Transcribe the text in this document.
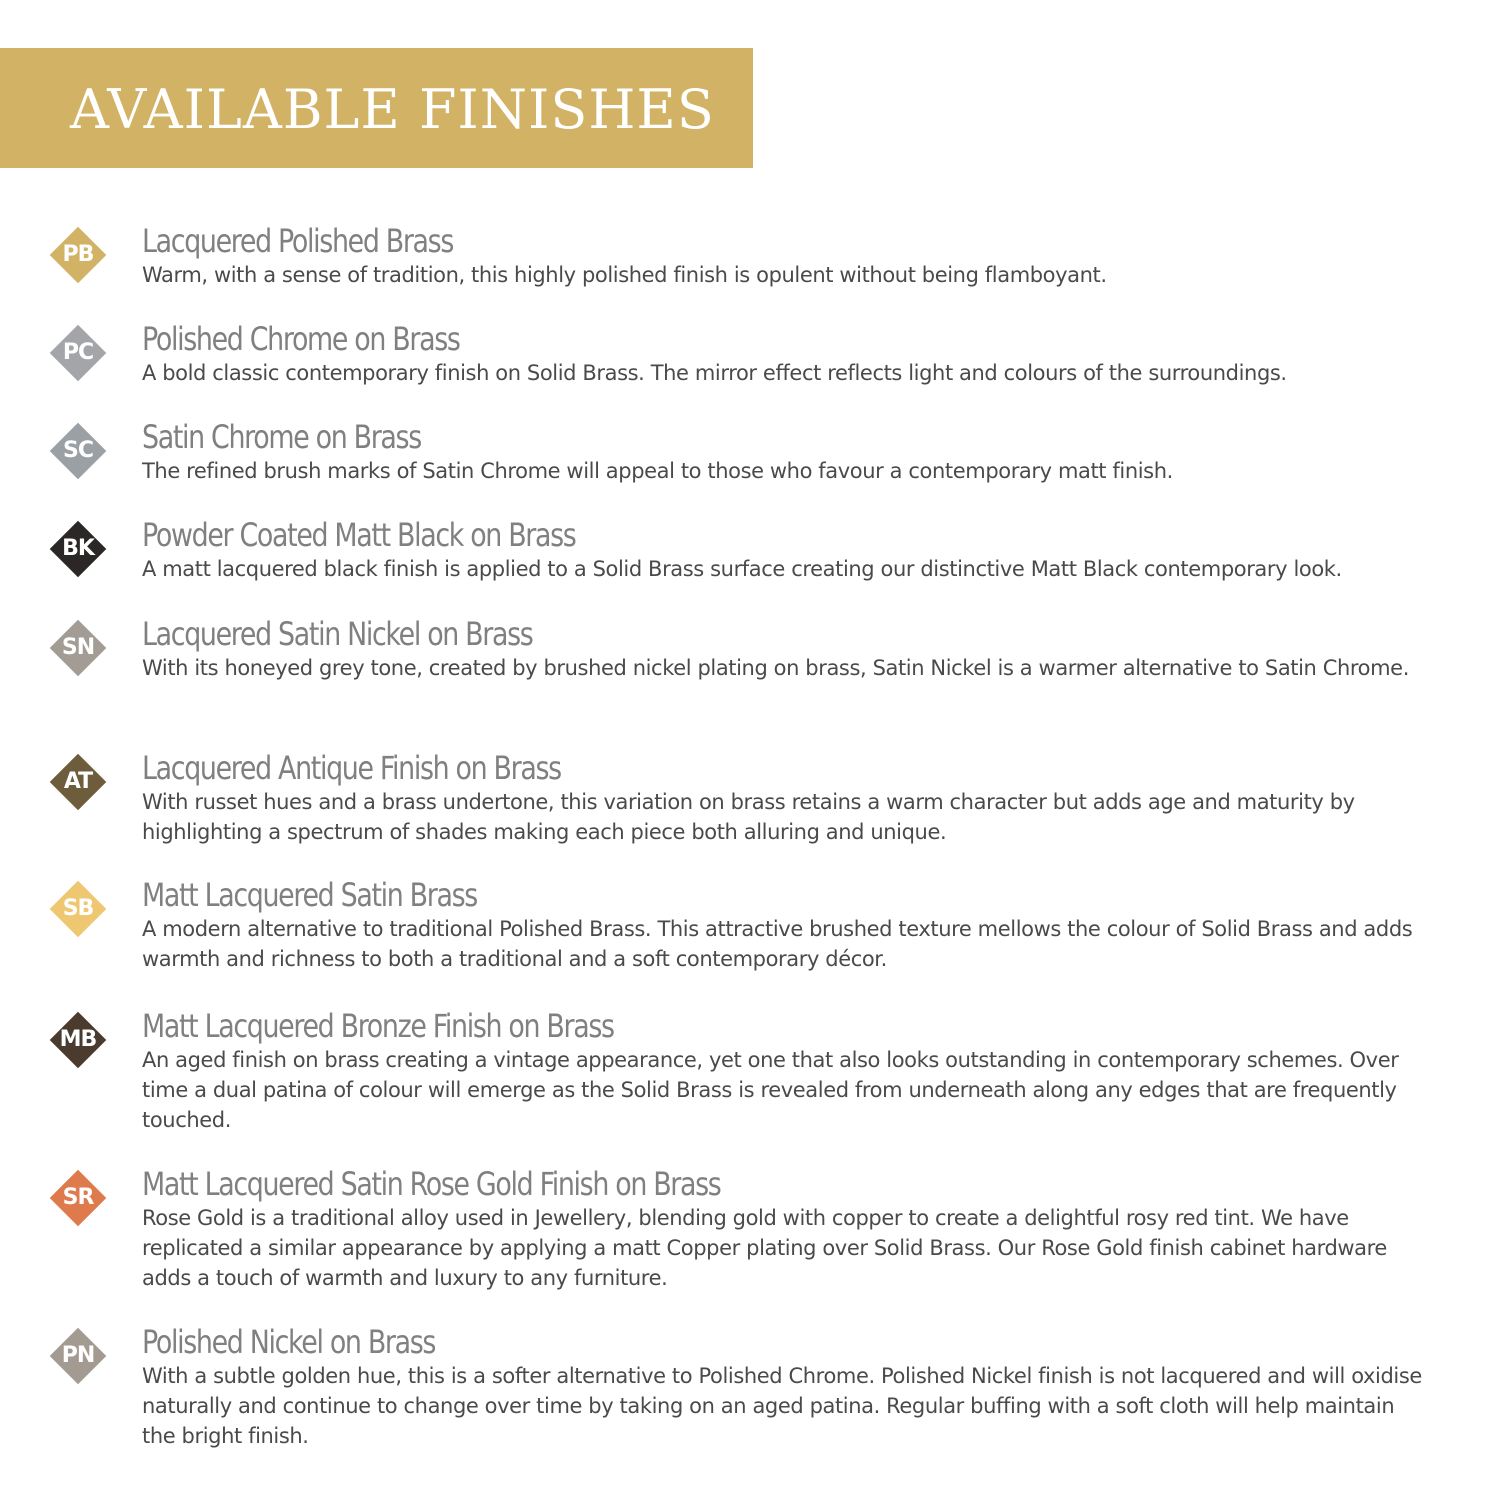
AVAILABLE FINISHES
PB	Lacquered Polished Brass
Warm, with a sense of tradition, this highly polished finish is opulent without being flamboyant.
PC	Polished Chrome on Brass
A bold classic contemporary finish on Solid Brass. The mirror effect reflects light and colours of the surroundings.
SC	Satin Chrome on Brass
The refined brush marks of Satin Chrome will appeal to those who favour a contemporary matt finish.
BK	Powder Coated Matt Black on Brass
A matt lacquered black finish is applied to a Solid Brass surface creating our distinctive Matt Black contemporary look.
SN	Lacquered Satin Nickel on Brass
With its honeyed grey tone, created by brushed nickel plating on brass, Satin Nickel is a warmer alternative to Satin Chrome.
AT	Lacquered Antique Finish on Brass
With russet hues and a brass undertone, this variation on brass retains a warm character but adds age and maturity by highlighting a spectrum of shades making each piece both alluring and unique.
SB	Matt Lacquered Satin Brass
A modern alternative to traditional Polished Brass. This attractive brushed texture mellows the colour of Solid Brass and adds warmth and richness to both a traditional and a soft contemporary décor.
MB	Matt Lacquered Bronze Finish on Brass
An aged finish on brass creating a vintage appearance, yet one that also looks outstanding in contemporary schemes. Over time a dual patina of colour will emerge as the Solid Brass is revealed from underneath along any edges that are frequently touched.
SR	Matt Lacquered Satin Rose Gold Finish on Brass
Rose Gold is a traditional alloy used in Jewellery, blending gold with copper to create a delightful rosy red tint. We have replicated a similar appearance by applying a matt Copper plating over Solid Brass. Our Rose Gold finish cabinet hardware adds a touch of warmth and luxury to any furniture.
PN	Polished Nickel on Brass
With a subtle golden hue, this is a softer alternative to Polished Chrome. Polished Nickel finish is not lacquered and will oxidise naturally and continue to change over time by taking on an aged patina. Regular buffing with a soft cloth will help maintain the bright finish.
